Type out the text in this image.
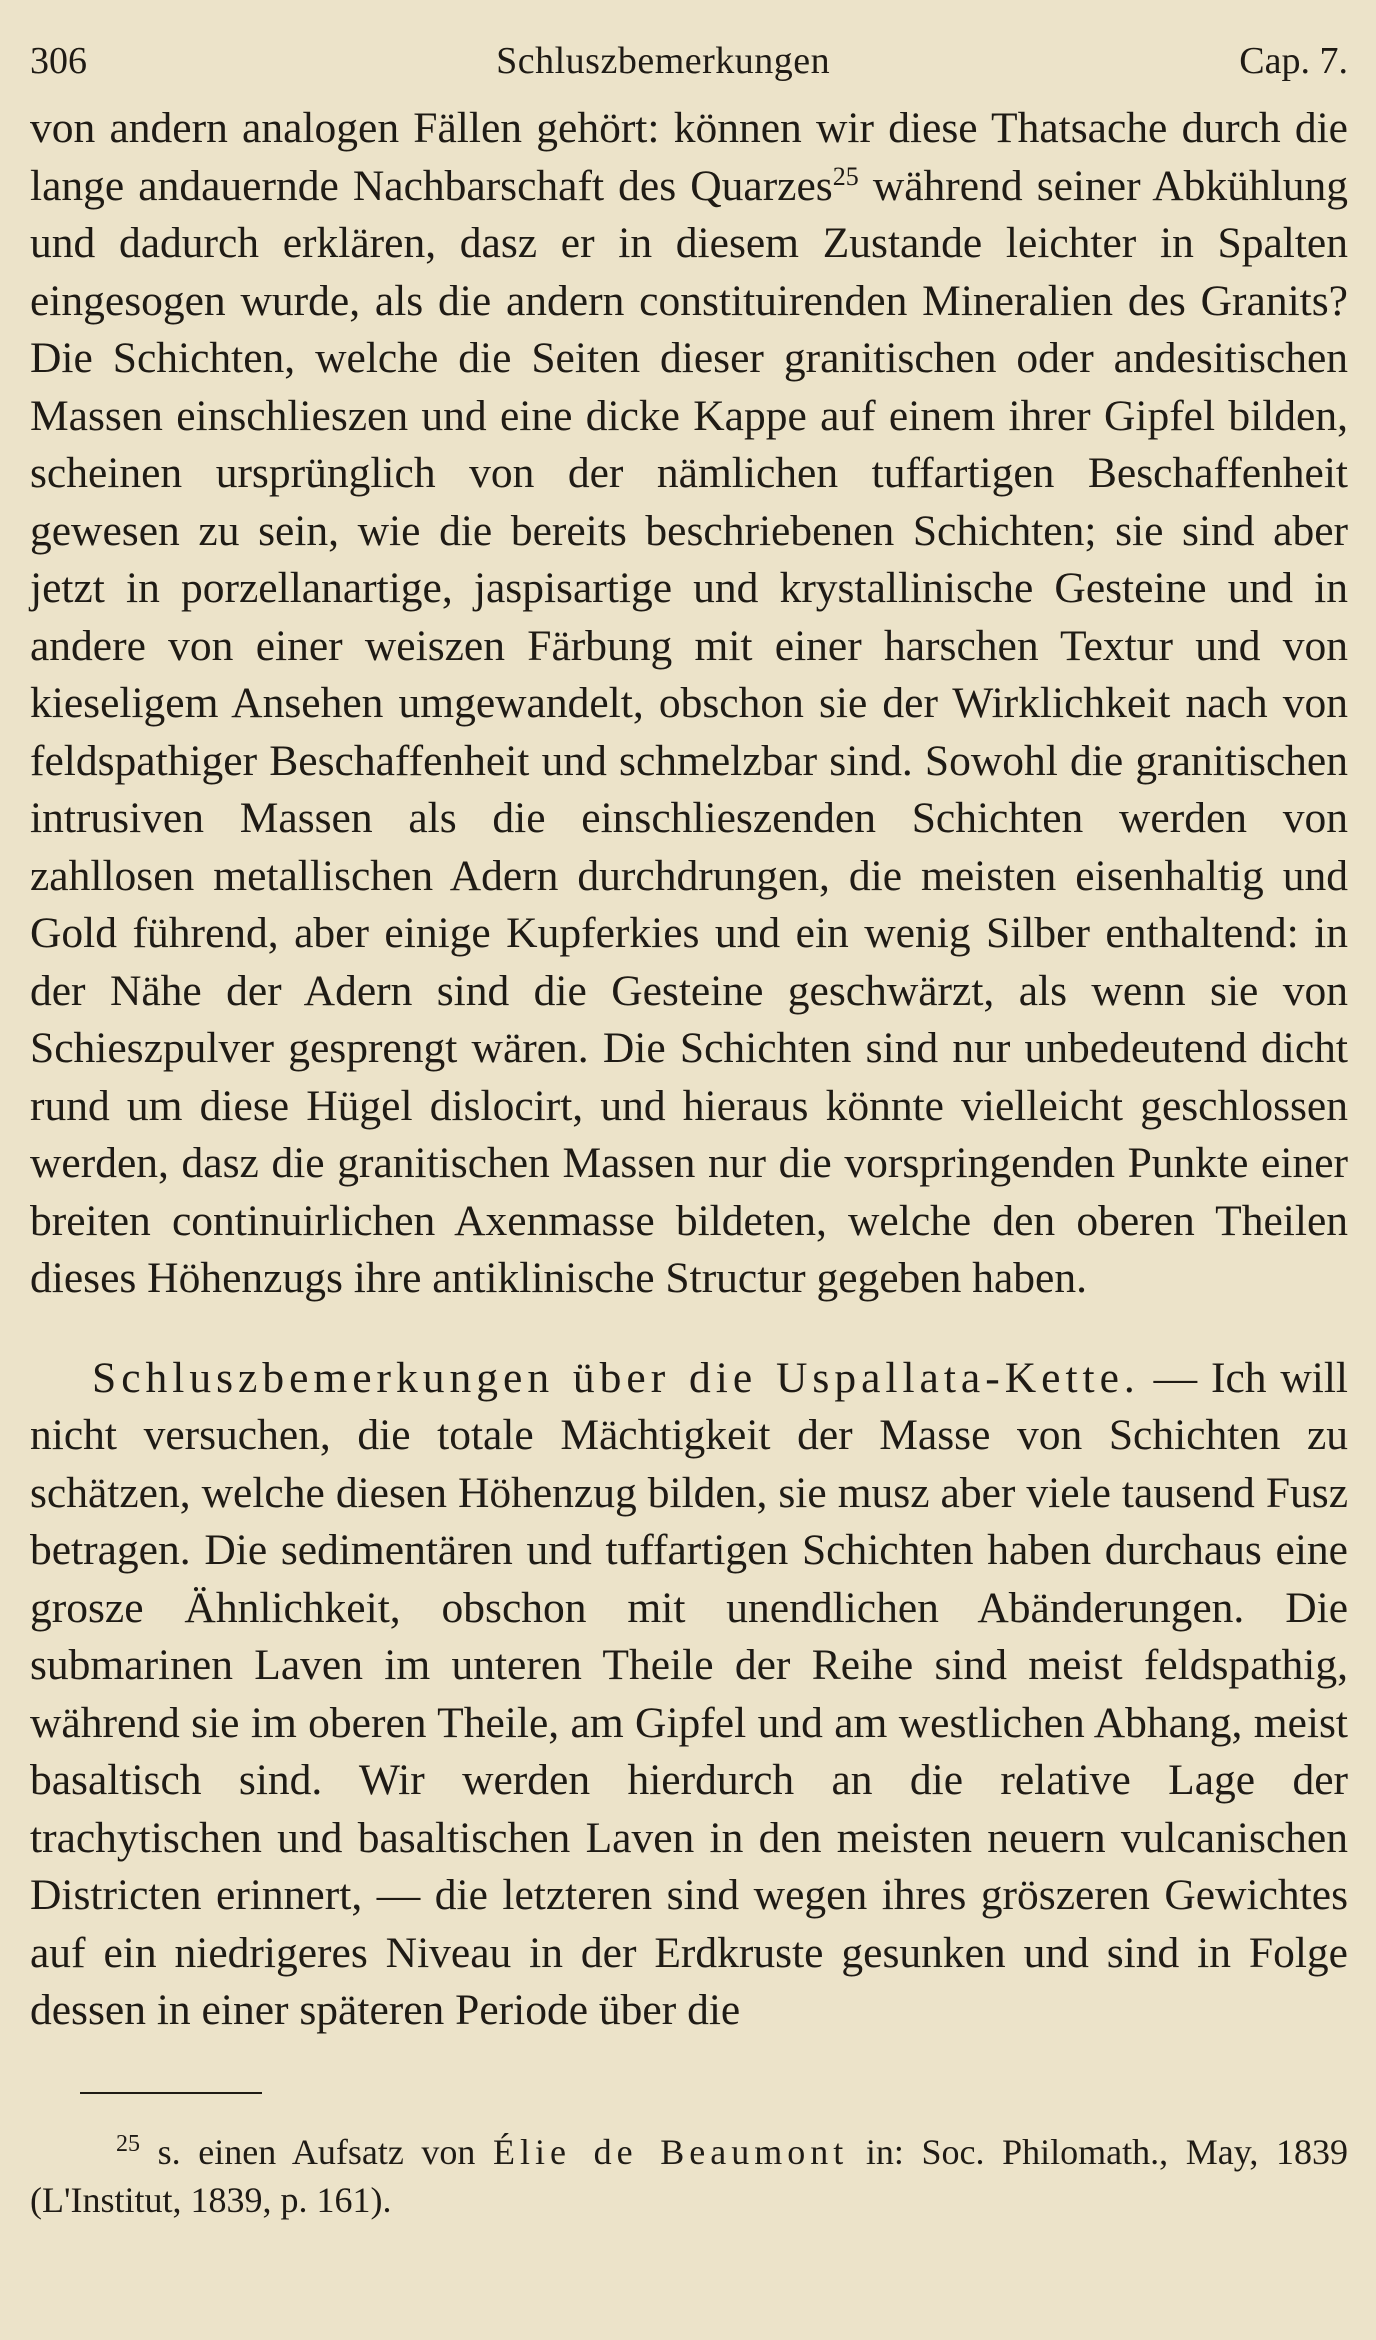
306	Schluszbemerkungen	Cap. 7.

von andern analogen Fällen gehört: können wir diese Thatsache durch die lange andauernde Nachbarschaft des Quarzes$^{25}$ während seiner Abkühlung und dadurch erklären, dasz er in diesem Zustande leichter in Spalten eingesogen wurde, als die andern constituirenden Mineralien des Granits? Die Schichten, welche die Seiten dieser granitischen oder andesitischen Massen einschlieszen und eine dicke Kappe auf einem ihrer Gipfel bilden, scheinen ursprünglich von der nämlichen tuffartigen Beschaffenheit gewesen zu sein, wie die bereits beschriebenen Schichten; sie sind aber jetzt in porzellanartige, jaspisartige und krystallinische Gesteine und in andere von einer weiszen Färbung mit einer harschen Textur und von kieseligem Ansehen umgewandelt, obschon sie der Wirklichkeit nach von feldspathiger Beschaffenheit und schmelzbar sind. Sowohl die granitischen intrusiven Massen als die einschlieszenden Schichten werden von zahllosen metallischen Adern durchdrungen, die meisten eisenhaltig und Gold führend, aber einige Kupferkies und ein wenig Silber enthaltend: in der Nähe der Adern sind die Gesteine geschwärzt, als wenn sie von Schieszpulver gesprengt wären. Die Schichten sind nur unbedeutend dicht rund um diese Hügel dislocirt, und hieraus könnte vielleicht geschlossen werden, dasz die granitischen Massen nur die vorspringenden Punkte einer breiten continuirlichen Axenmasse bildeten, welche den oberen Theilen dieses Höhenzugs ihre antiklinische Structur gegeben haben.

Schluszbemerkungen über die Uspallata-Kette. — Ich will nicht versuchen, die totale Mächtigkeit der Masse von Schichten zu schätzen, welche diesen Höhenzug bilden, sie musz aber viele tausend Fusz betragen. Die sedimentären und tuffartigen Schichten haben durchaus eine grosze Ähnlichkeit, obschon mit unendlichen Abänderungen. Die submarinen Laven im unteren Theile der Reihe sind meist feldspathig, während sie im oberen Theile, am Gipfel und am westlichen Abhang, meist basaltisch sind. Wir werden hierdurch an die relative Lage der trachytischen und basaltischen Laven in den meisten neuern vulcanischen Districten erinnert, — die letzteren sind wegen ihres gröszeren Gewichtes auf ein niedrigeres Niveau in der Erdkruste gesunken und sind in Folge dessen in einer späteren Periode über die

$^{25}$ s. einen Aufsatz von Élie de Beaumont in: Soc. Philomath., May, 1839 (L'Institut, 1839, p. 161).
